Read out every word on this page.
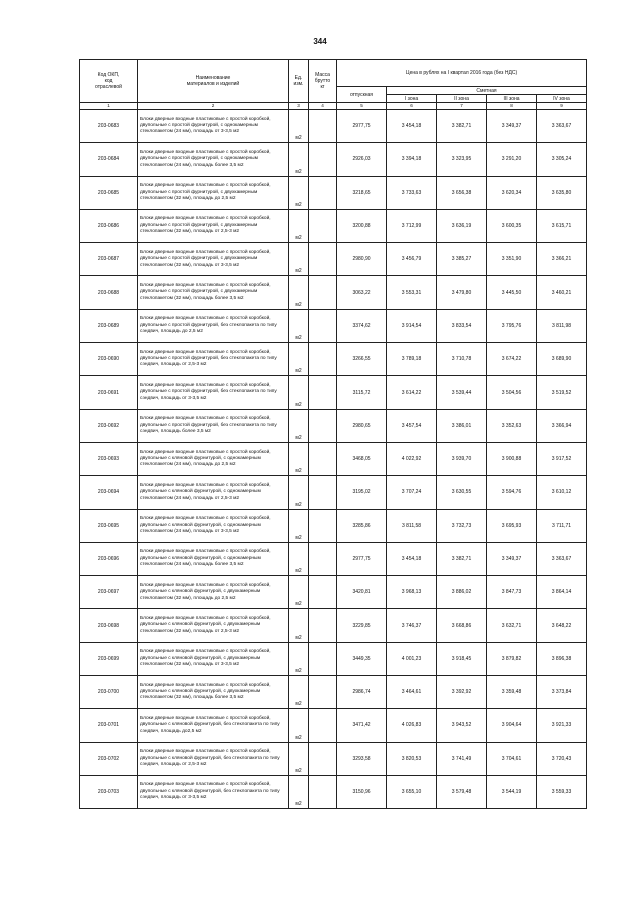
344
Код ОКП,
код
отраслевой	Наименование
материалов и изделий	Ед.
изм.	Масса
брутто
кг	Цена в рублях на I квартал 2016 года (без НДС)				
				отпускная	Сметная			
					I зона	II зона	III зона	IV зона
1	2	3	4	5	6	7	8	9
203-0683	Блоки дверные входные пластиковые с простой коробкой, двупольные с простой фурнитурой, с однокамерным стеклопакетом (24 мм), площадь от 3-3,5 м2	м2		2977,75	3 454,18	3 382,71	3 349,37	3 363,67
203-0684	Блоки дверные входные пластиковые с простой коробкой, двупольные с простой фурнитурой, с однокамерным стеклопакетом (24 мм), площадь более 3,5 м2	м2		2926,03	3 394,18	3 323,95	3 291,20	3 305,24
203-0685	Блоки дверные входные пластиковые с простой коробкой, двупольные с простой фурнитурой, с двухкамерным стеклопакетом (32 мм), площадь до 2,5 м2	м2		3218,65	3 733,63	3 656,38	3 620,34	3 635,80
203-0686	Блоки дверные входные пластиковые с простой коробкой, двупольные с простой фурнитурой, с двухкамерным стеклопакетом (32 мм), площадь от 2,5-3 м2	м2		3200,88	3 712,99	3 636,19	3 600,35	3 615,71
203-0687	Блоки дверные входные пластиковые с простой коробкой, двупольные с простой фурнитурой, с двухкамерным стеклопакетом (32 мм), площадь от 3-3,5 м2	м2		2980,90	3 456,79	3 385,27	3 351,90	3 366,21
203-0688	Блоки дверные входные пластиковые с простой коробкой, двупольные с простой фурнитурой, с двухкамерным стеклопакетом (32 мм), площадь более 3,5 м2	м2		3063,22	3 553,31	3 479,80	3 445,50	3 460,21
203-0689	Блоки дверные входные пластиковые с простой коробкой, двупольные с простой фурнитурой, без стеклопакета по типу сэндвич, площадь до 2,5 м2	м2		3374,62	3 914,54	3 833,54	3 795,76	3 811,98
203-0690	Блоки дверные входные пластиковые с простой коробкой, двупольные с простой фурнитурой, без стеклопакета по типу сэндвич, площадь от 2,5-3 м2	м2		3266,55	3 789,18	3 710,78	3 674,22	3 689,90
203-0691	Блоки дверные входные пластиковые с простой коробкой, двупольные с простой фурнитурой, без стеклопакета по типу сэндвич, площадь от 3-3,5 м2	м2		3115,72	3 614,22	3 539,44	3 504,56	3 519,52
203-0692	Блоки дверные входные пластиковые с простой коробкой, двупольные с простой фурнитурой, без стеклопакета по типу сэндвич, площадь более 3,5 м2	м2		2980,65	3 457,54	3 386,01	3 352,63	3 366,94
203-0693	Блоки дверные входные пластиковые с простой коробкой, двупольные с кляновой фурнитурой, с однокамерным стеклопакетом (24 мм), площадь до 2,5 м2	м2		3468,05	4 022,92	3 939,70	3 900,88	3 917,52
203-0694	Блоки дверные входные пластиковые с простой коробкой, двупольные с кляновой фурнитурой, с однокамерным стеклопакетом (24 мм), площадь от 2,5-3 м2	м2		3195,02	3 707,24	3 630,55	3 594,76	3 610,12
203-0695	Блоки дверные входные пластиковые с простой коробкой, двупольные с кляновой фурнитурой, с однокамерным стеклопакетом (24 мм), площадь от 3-3,5 м2	м2		3285,86	3 811,58	3 732,73	3 695,93	3 711,71
203-0696	Блоки дверные входные пластиковые с простой коробкой, двупольные с кляновой фурнитурой, с однокамерным стеклопакетом (24 мм), площадь более 3,5 м2	м2		2977,75	3 454,18	3 382,71	3 349,37	3 363,67
203-0697	Блоки дверные входные пластиковые с простой коробкой, двупольные с кляновой фурнитурой, с двухкамерным стеклопакетом (32 мм), площадь до 2,5 м2	м2		3420,81	3 968,13	3 886,02	3 847,73	3 864,14
203-0698	Блоки дверные входные пластиковые с простой коробкой, двупольные с кляновой фурнитурой, с двухкамерным стеклопакетом (32 мм), площадь от 2,5-3 м2	м2		3229,85	3 746,37	3 668,86	3 632,71	3 648,22
203-0699	Блоки дверные входные пластиковые с простой коробкой, двупольные с кляновой фурнитурой, с двухкамерным стеклопакетом (32 мм), площадь от 3-3,5 м2	м2		3449,35	4 001,23	3 918,45	3 879,82	3 896,38
203-0700	Блоки дверные входные пластиковые с простой коробкой, двупольные с кляновой фурнитурой, с двухкамерным стеклопакетом (32 мм), площадь более 3,5 м2	м2		2986,74	3 464,61	3 392,92	3 359,48	3 373,84
203-0701	Блоки дверные входные пластиковые с простой коробкой, двупольные с кляновой фурнитурой, без стеклопакета по типу сэндвич, площадь до2,5 м2	м2		3471,42	4 026,83	3 943,52	3 904,64	3 921,33
203-0702	Блоки дверные входные пластиковые с простой коробкой, двупольные с кляновой фурнитурой, без стеклопакета по типу сэндвич, площадь от 2,5-3 м2	м2		3293,58	3 820,53	3 741,49	3 704,61	3 720,43
203-0703	Блоки дверные входные пластиковые с простой коробкой, двупольные с кляновой фурнитурой, без стеклопакета по типу сэндвич, площадь от 3-3,5 м2	м2		3150,96	3 655,10	3 579,48	3 544,19	3 559,33
